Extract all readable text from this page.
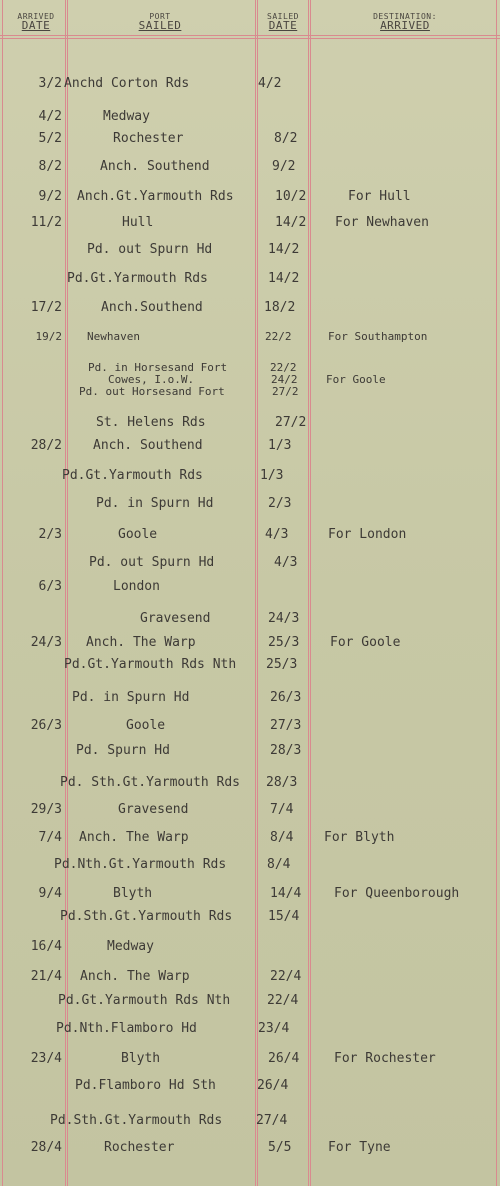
ARRIVED
DATE
PORT
SAILED
SAILED
DATE
DESTINATION:
ARRIVED
3/2 Anchd Corton Rds	4/2
4/2	Medway
5/2	Rochester	8/2
8/2	Anch. Southend	9/2
9/2 Anch.Gt.Yarmouth Rds	10/2	For Hull
11/2	Hull	14/2 For Newhaven
Pd. out Spurn Hd	14/2
Pd.Gt.Yarmouth Rds	14/2
17/2	Anch.Southend	18/2
19/2 Newhaven	22/2	For Southampton
Pd. in Horsesand Fort	22/2
Cowes, I.o.W.	24/2	For Goole
Pd. out Horsesand Fort	27/2
St. Helens Rds	27/2
28/2 Anch. Southend	1/3
Pd.Gt.Yarmouth Rds	1/3
Pd. in Spurn Hd	2/3
2/3	Goole	4/3	For London
Pd. out Spurn Hd	4/3
6/3	London
Gravesend	24/3
24/3 Anch. The Warp	25/3 For Goole
Pd.Gt.Yarmouth Rds Nth 25/3
Pd. in Spurn Hd	26/3
26/3	Goole	27/3
Pd. Spurn Hd	28/3
Pd. Sth.Gt.Yarmouth Rds 28/3
29/3	Gravesend	7/4
7/4 Anch. The Warp	8/4 For Blyth
Pd.Nth.Gt.Yarmouth Rds	8/4
9/4	Blyth	14/4	For Queenborough
Pd.Sth.Gt.Yarmouth Rds	15/4
16/4	Medway
21/4 Anch. The Warp	22/4
Pd.Gt.Yarmouth Rds Nth	22/4
Pd.Nth.Flamboro Hd	23/4
23/4	Blyth	26/4	For Rochester
Pd.Flamboro Hd Sth	26/4
Pd.Sth.Gt.Yarmouth Rds	27/4
28/4	Rochester	5/5	For Tyne
